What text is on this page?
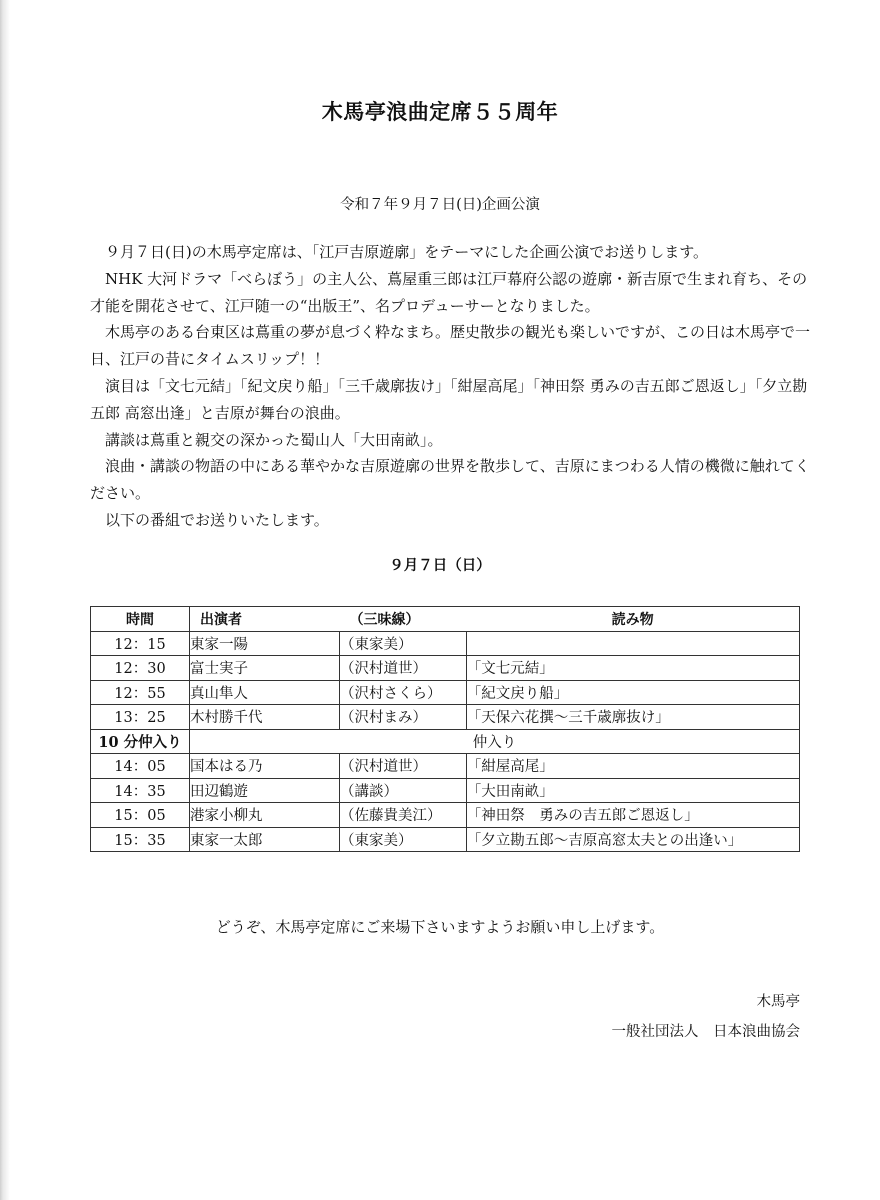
木馬亭浪曲定席５５周年
令和７年９月７日(日)企画公演

　９月７日(日)の木馬亭定席は、「江戸吉原遊廓」をテーマにした企画公演でお送りします。

　NHK 大河ドラマ「べらぼう」の主人公、蔦屋重三郎は江戸幕府公認の遊廓・新吉原で生まれ育ち、その才能を開花させて、江戸随一の“出版王”、名プロデューサーとなりました。

　木馬亭のある台東区は蔦重の夢が息づく粋なまち。歴史散歩の観光も楽しいですが、この日は木馬亭で一日、江戸の昔にタイムスリップ！！

　演目は「文七元結」「紀文戻り船」「三千歳廓抜け」「紺屋高尾」「神田祭 勇みの吉五郎ご恩返し」「夕立勘五郎 高窓出逢」と吉原が舞台の浪曲。

　講談は蔦重と親交の深かった蜀山人「大田南畝」。

　浪曲・講談の物語の中にある華やかな吉原遊廓の世界を散歩して、吉原にまつわる人情の機微に触れてください。

　以下の番組でお送りいたします。

９月７日（日）
時間	出演者	（三味線）	読み物
12：15	東家一陽	（東家美）	
12：30	富士実子	（沢村道世）	「文七元結」
12：55	真山隼人	（沢村さくら）	「紀文戻り船」
13：25	木村勝千代	（沢村まみ）	「天保六花撰～三千歳廓抜け」
10 分仲入り	仲入り		
14：05	国本はる乃	（沢村道世）	「紺屋高尾」
14：35	田辺鶴遊	（講談）	「大田南畝」
15：05	港家小柳丸	（佐藤貴美江）	「神田祭　勇みの吉五郎ご恩返し」
15：35	東家一太郎	（東家美）	「夕立勘五郎～吉原高窓太夫との出逢い」
どうぞ、木馬亭定席にご来場下さいますようお願い申し上げます。
木馬亭
一般社団法人　日本浪曲協会
